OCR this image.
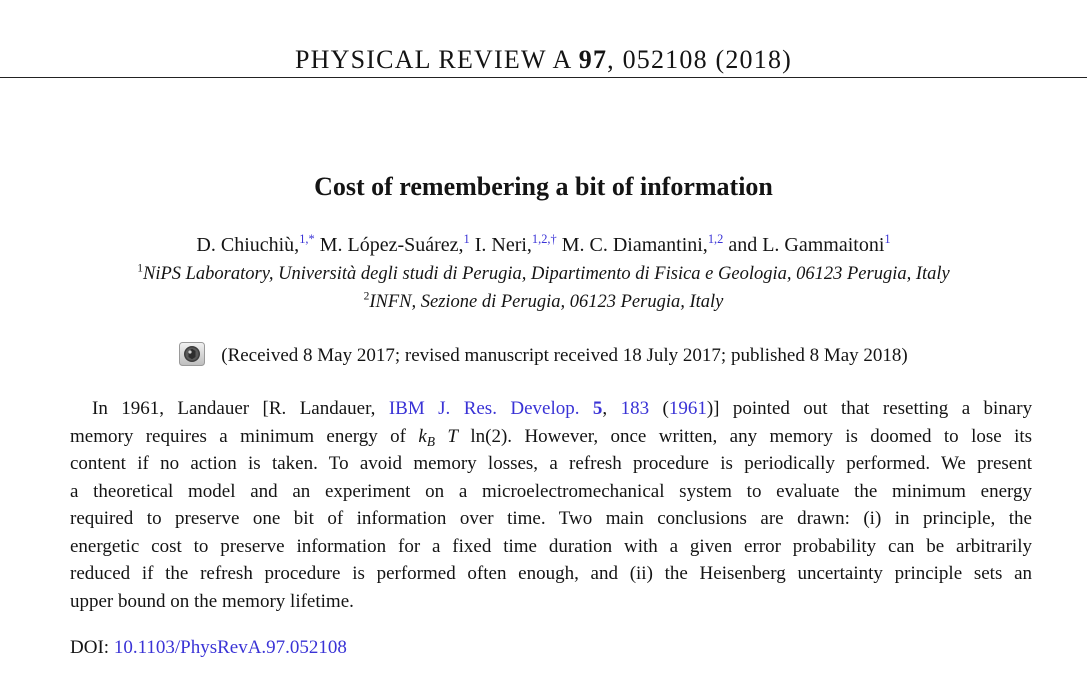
PHYSICAL REVIEW A 97, 052108 (2018)
Cost of remembering a bit of information
D. Chiuchiù,$^{1,*}$ M. López-Suárez,$^1$ I. Neri,$^{1,2,\dagger}$ M. C. Diamantini,$^{1,2}$ and L. Gammaitoni$^1$
$^1$NiPS Laboratory, Università degli studi di Perugia, Dipartimento di Fisica e Geologia, 06123 Perugia, Italy
$^2$INFN, Sezione di Perugia, 06123 Perugia, Italy
(Received 8 May 2017; revised manuscript received 18 July 2017; published 8 May 2018)
In 1961, Landauer [R. Landauer, IBM J. Res. Develop. 5, 183 (1961)] pointed out that resetting a binary
memory requires a minimum energy of $k_B$ T ln(2). However, once written, any memory is doomed to lose its
content if no action is taken. To avoid memory losses, a refresh procedure is periodically performed. We present
a theoretical model and an experiment on a microelectromechanical system to evaluate the minimum energy
required to preserve one bit of information over time. Two main conclusions are drawn: (i) in principle, the
energetic cost to preserve information for a fixed time duration with a given error probability can be arbitrarily
reduced if the refresh procedure is performed often enough, and (ii) the Heisenberg uncertainty principle sets an
upper bound on the memory lifetime.
DOI: 10.1103/PhysRevA.97.052108
